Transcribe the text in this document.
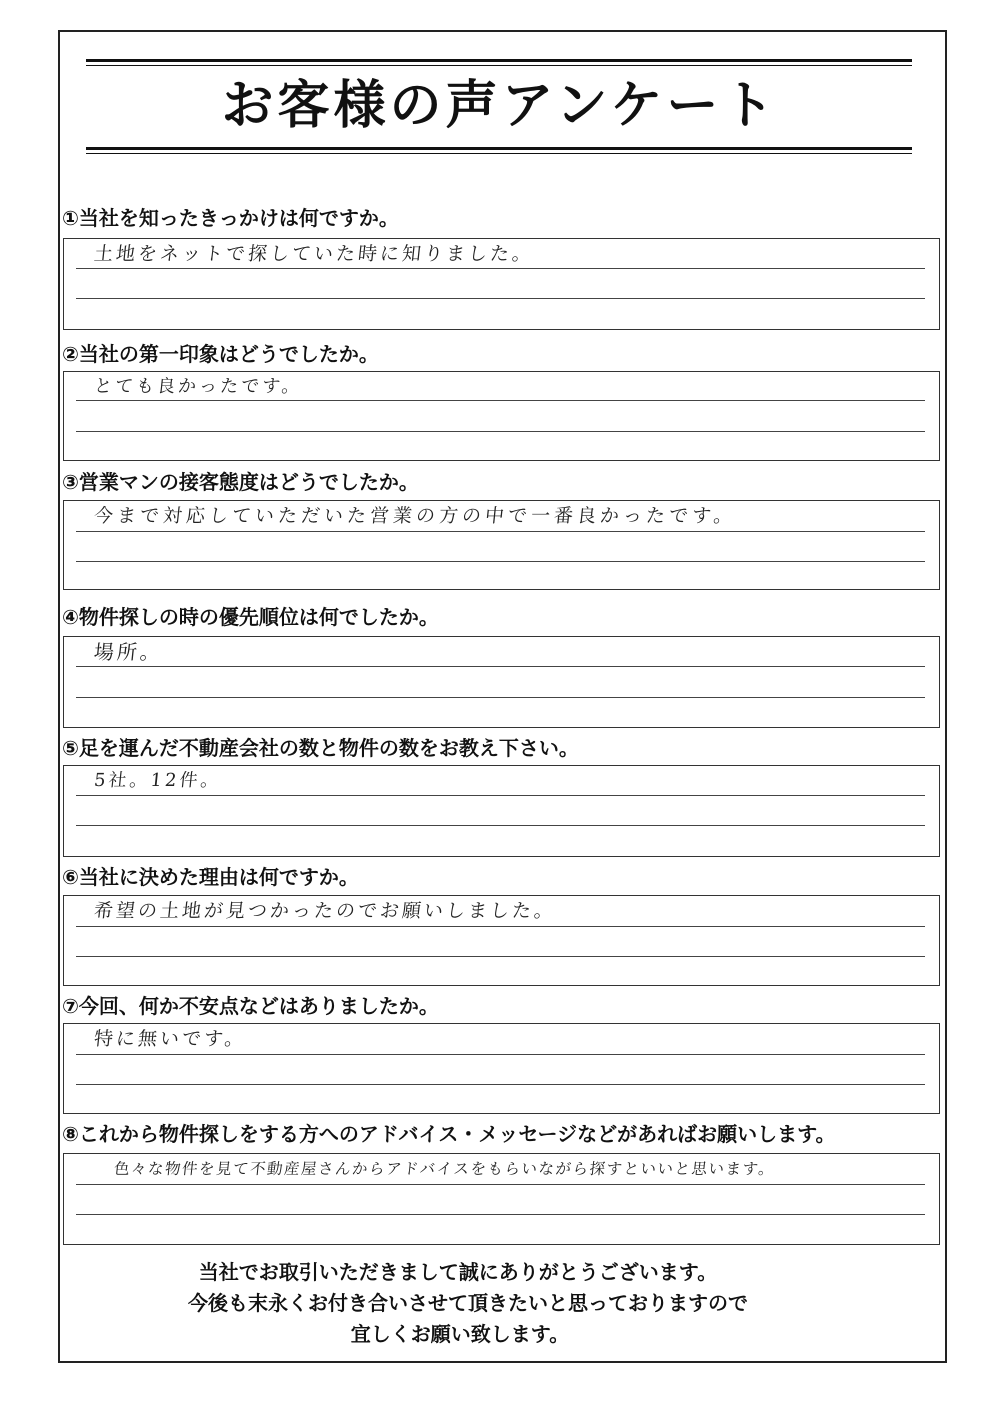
お客様の声アンケート
①当社を知ったきっかけは何ですか。
土地をネットで探していた時に知りました。
②当社の第一印象はどうでしたか。
とても良かったです。
③営業マンの接客態度はどうでしたか。
今まで対応していただいた営業の方の中で一番良かったです。
④物件探しの時の優先順位は何でしたか。
場所。
⑤足を運んだ不動産会社の数と物件の数をお教え下さい。
5社。12件。
⑥当社に決めた理由は何ですか。
希望の土地が見つかったのでお願いしました。
⑦今回、何か不安点などはありましたか。
特に無いです。
⑧これから物件探しをする方へのアドバイス・メッセージなどがあればお願いします。
色々な物件を見て不動産屋さんからアドバイスをもらいながら探すといいと思います。
当社でお取引いただきまして誠にありがとうございます。
今後も末永くお付き合いさせて頂きたいと思っておりますので
宜しくお願い致します。
